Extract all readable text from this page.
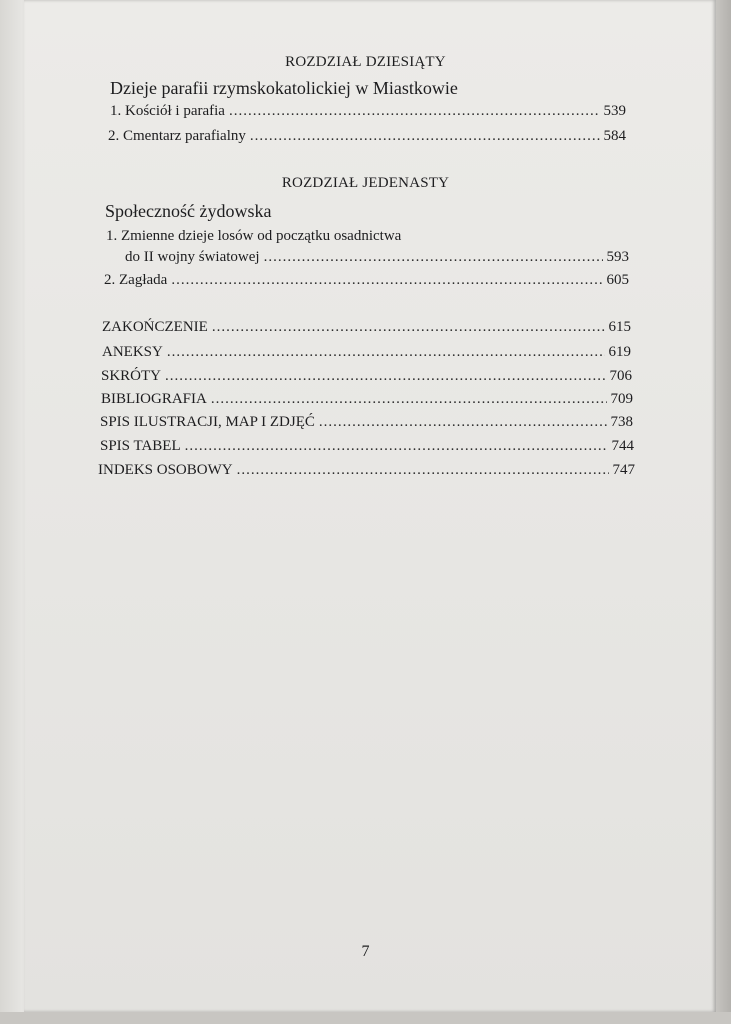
ROZDZIAŁ DZIESIĄTY
Dzieje parafii rzymskokatolickiej w Miastkowie
1. Kościół i parafia .....	539
2. Cmentarz parafialny .....	584
ROZDZIAŁ JEDENASTY
Społeczność żydowska
1. Zmienne dzieje losów od początku osadnictwa
do II wojny światowej .....	593
2. Zagłada .....	605
ZAKOŃCZENIE .....	615
ANEKSY .....	619
SKRÓTY .....	706
BIBLIOGRAFIA .....	709
SPIS ILUSTRACJI, MAP I ZDJĘĆ .....	738
SPIS TABEL .....	744
INDEKS OSOBOWY .....	747
7
